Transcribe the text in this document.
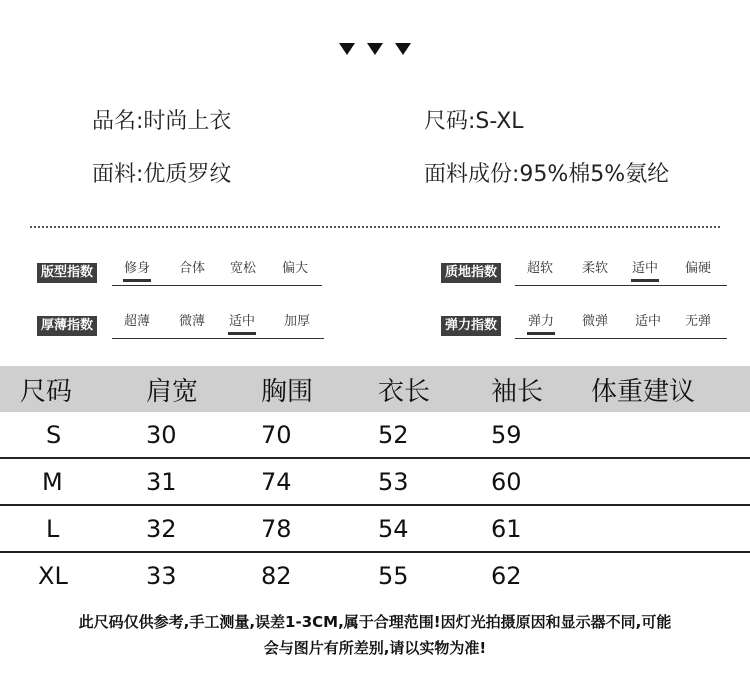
品名:时尚上衣	尺码:S-XL
面料:优质罗纹	面料成份:95%棉5%氨纶
版型指数	修身 合体 宽松 偏大	质地指数	超软 柔软 适中 偏硬
厚薄指数	超薄 微薄 适中 加厚	弹力指数	弹力 微弹 适中 无弹
尺码	肩宽	胸围	衣长	袖长	体重建议
S	30	70	52	59	
M	31	74	53	60	
L	32	78	54	61	
XL	33	82	55	62	
此尺码仅供参考,手工测量,误差1-3CM,属于合理范围!因灯光拍摄原因和显示器不同,可能
会与图片有所差别,请以实物为准!
